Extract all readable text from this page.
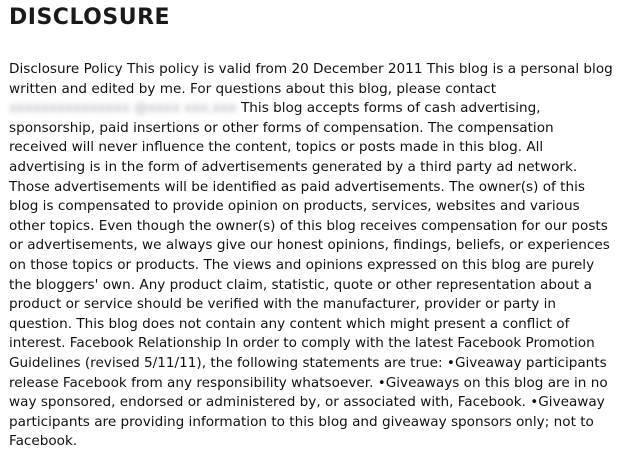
DISCLOSURE

Disclosure Policy This policy is valid from 20 December 2011 This blog is a personal blog written and edited by me. For questions about this blog, please contact xxxxxxxxxxxxxxx @xxxx xxx.xxx This blog accepts forms of cash advertising, sponsorship, paid insertions or other forms of compensation. The compensation received will never influence the content, topics or posts made in this blog. All advertising is in the form of advertisements generated by a third party ad network. Those advertisements will be identified as paid advertisements. The owner(s) of this blog is compensated to provide opinion on products, services, websites and various other topics. Even though the owner(s) of this blog receives compensation for our posts or advertisements, we always give our honest opinions, findings, beliefs, or experiences on those topics or products. The views and opinions expressed on this blog are purely the bloggers' own. Any product claim, statistic, quote or other representation about a product or service should be verified with the manufacturer, provider or party in question. This blog does not contain any content which might present a conflict of interest. Facebook Relationship In order to comply with the latest Facebook Promotion Guidelines (revised 5/11/11), the following statements are true: •Giveaway participants release Facebook from any responsibility whatsoever. •Giveaways on this blog are in no way sponsored, endorsed or administered by, or associated with, Facebook. •Giveaway participants are providing information to this blog and giveaway sponsors only; not to Facebook.
